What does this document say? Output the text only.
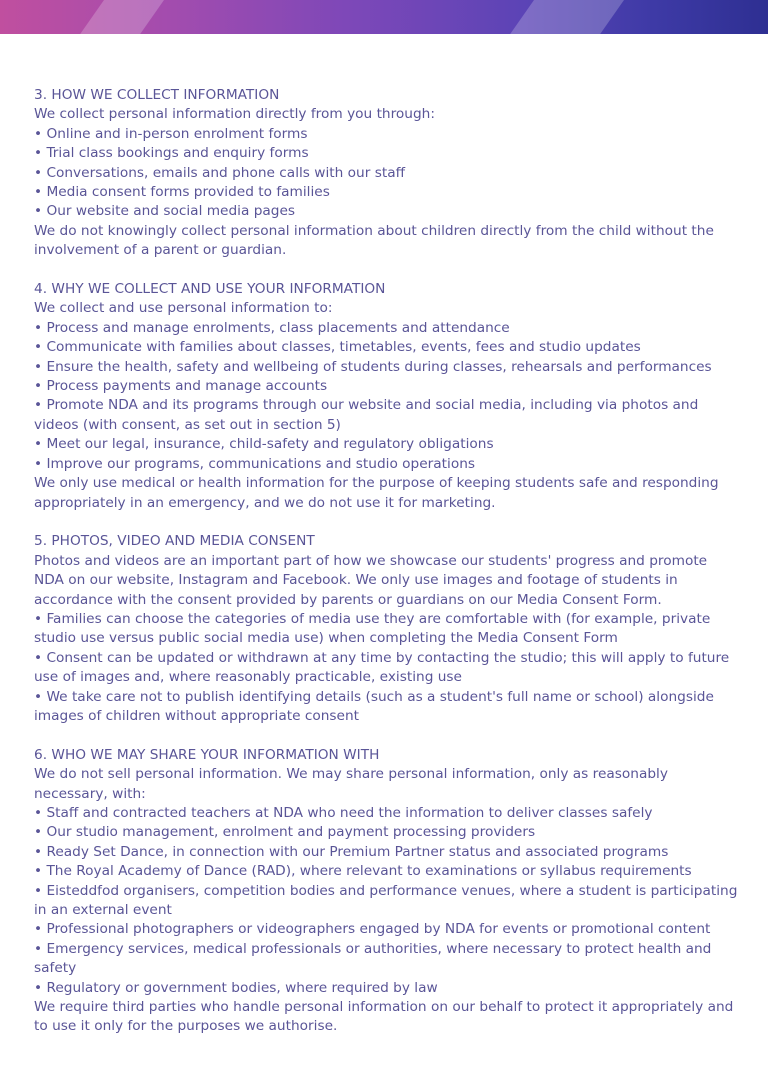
3. HOW WE COLLECT INFORMATION

We collect personal information directly from you through:

• Online and in-person enrolment forms
• Trial class bookings and enquiry forms
• Conversations, emails and phone calls with our staff
• Media consent forms provided to families
• Our website and social media pages

We do not knowingly collect personal information about children directly from the child without the involvement of a parent or guardian.

4. WHY WE COLLECT AND USE YOUR INFORMATION

We collect and use personal information to:

• Process and manage enrolments, class placements and attendance
• Communicate with families about classes, timetables, events, fees and studio updates
• Ensure the health, safety and wellbeing of students during classes, rehearsals and performances
• Process payments and manage accounts
• Promote NDA and its programs through our website and social media, including via photos and videos (with consent, as set out in section 5)
• Meet our legal, insurance, child-safety and regulatory obligations
• Improve our programs, communications and studio operations

We only use medical or health information for the purpose of keeping students safe and responding appropriately in an emergency, and we do not use it for marketing.

5. PHOTOS, VIDEO AND MEDIA CONSENT

Photos and videos are an important part of how we showcase our students' progress and promote NDA on our website, Instagram and Facebook. We only use images and footage of students in accordance with the consent provided by parents or guardians on our Media Consent Form.

• Families can choose the categories of media use they are comfortable with (for example, private studio use versus public social media use) when completing the Media Consent Form
• Consent can be updated or withdrawn at any time by contacting the studio; this will apply to future use of images and, where reasonably practicable, existing use
• We take care not to publish identifying details (such as a student's full name or school) alongside images of children without appropriate consent
6. WHO WE MAY SHARE YOUR INFORMATION WITH

We do not sell personal information. We may share personal information, only as reasonably necessary, with:

• Staff and contracted teachers at NDA who need the information to deliver classes safely
• Our studio management, enrolment and payment processing providers
• Ready Set Dance, in connection with our Premium Partner status and associated programs
• The Royal Academy of Dance (RAD), where relevant to examinations or syllabus requirements
• Eisteddfod organisers, competition bodies and performance venues, where a student is participating in an external event
• Professional photographers or videographers engaged by NDA for events or promotional content
• Emergency services, medical professionals or authorities, where necessary to protect health and safety
• Regulatory or government bodies, where required by law

We require third parties who handle personal information on our behalf to protect it appropriately and to use it only for the purposes we authorise.
